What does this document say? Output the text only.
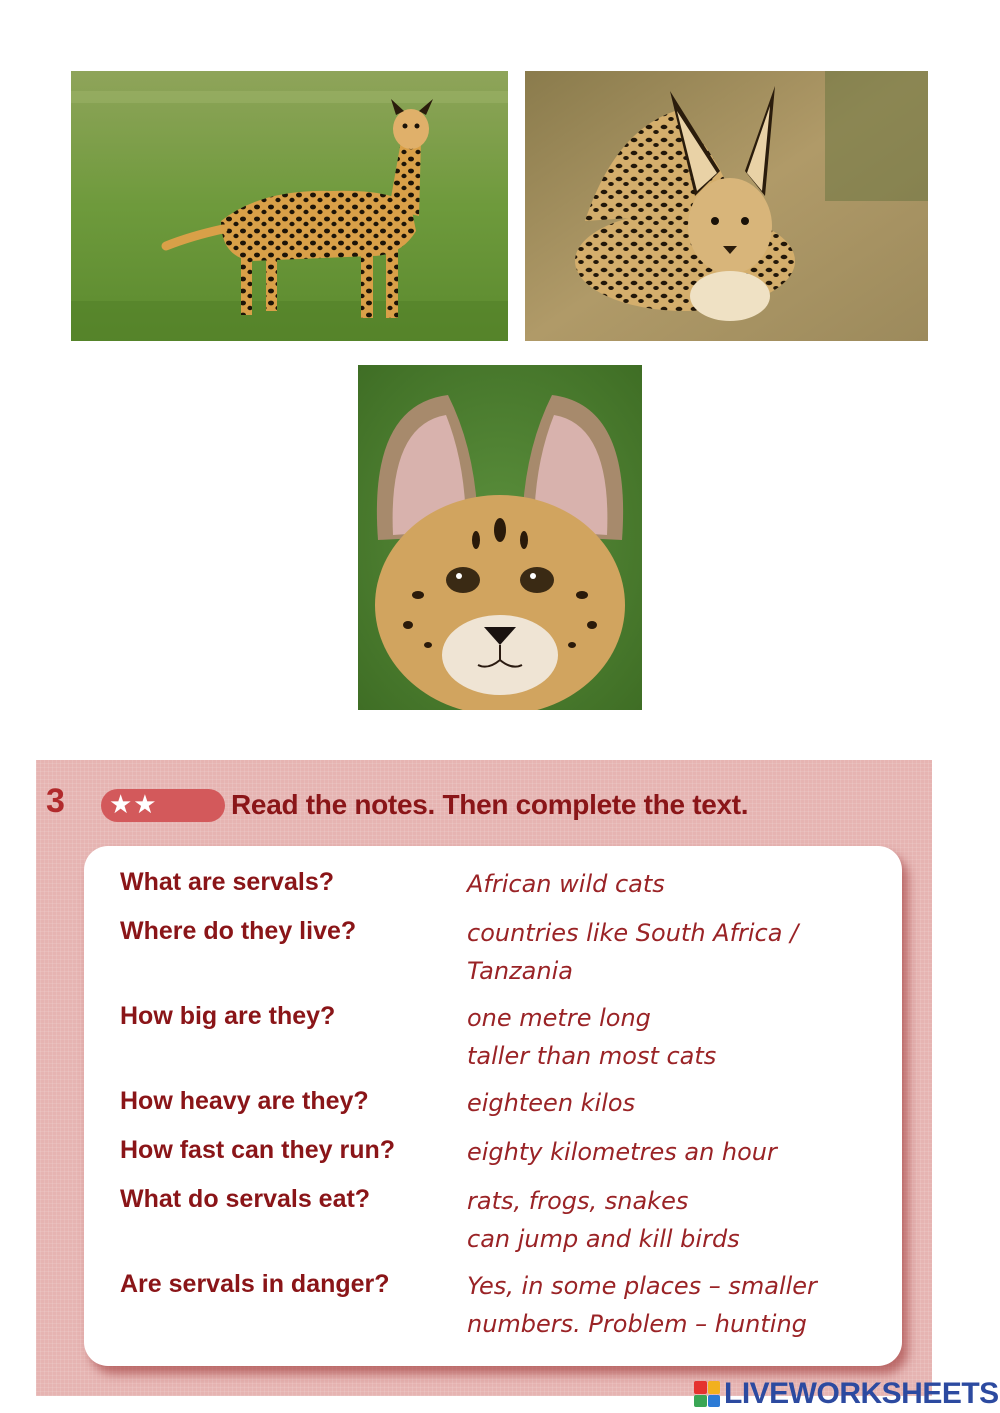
3	★★	Read the notes. Then complete the text.
What are servals?	African wild cats
Where do they live?	countries like South Africa /
Tanzania
How big are they?	one metre long
taller than most cats
How heavy are they?	eighteen kilos
How fast can they run?	eighty kilometres an hour
What do servals eat?	rats, frogs, snakes
can jump and kill birds
Are servals in danger?	Yes, in some places – smaller
numbers. Problem – hunting
LIVEWORKSHEETS
